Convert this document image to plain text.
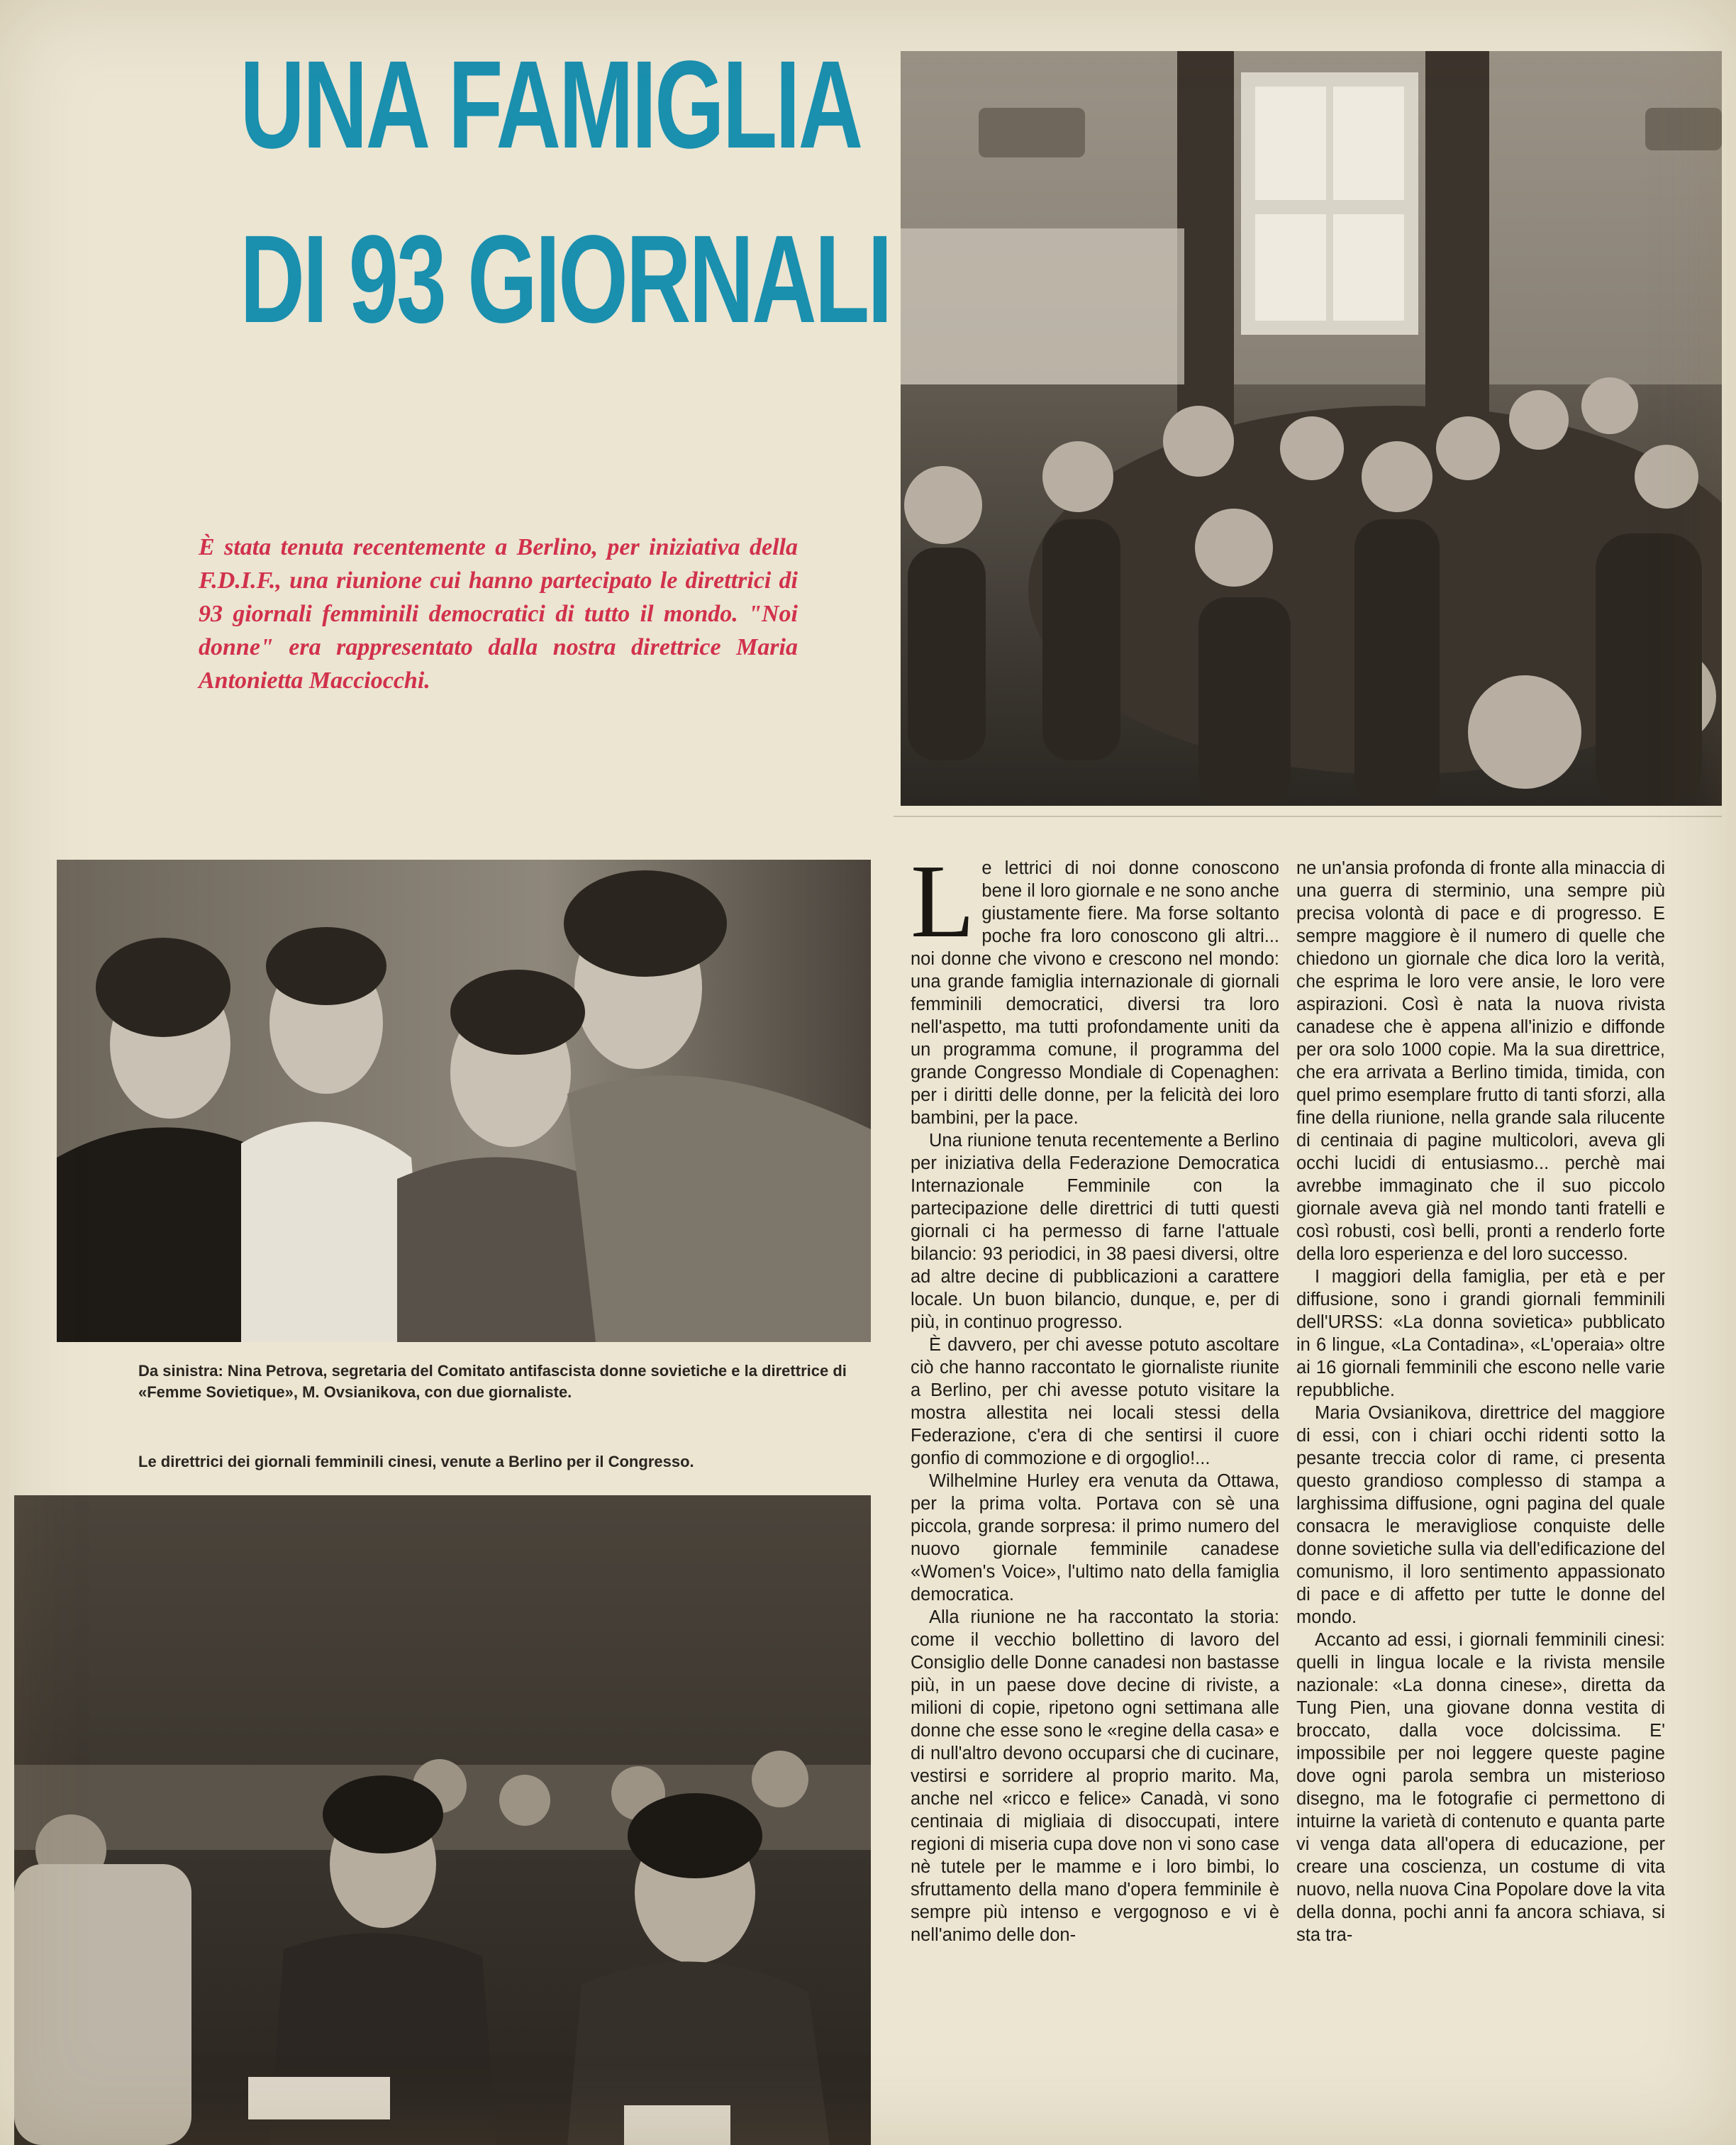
UNA FAMIGLIA
DI 93 GIORNALI

È stata tenuta recentemente a Berlino, per iniziativa della F.D.I.F., una riunione cui hanno partecipato le direttrici di 93 giornali femminili democratici di tutto il mondo. "Noi donne" era rappresentato dalla nostra direttrice Maria Antonietta Macciocchi.

Da sinistra: Nina Petrova, segretaria del Comitato antifascista donne sovietiche e la direttrice di «Femme Sovietique», M. Ovsianikova, con due giornaliste.

Le direttrici dei giornali femminili cinesi, venute a Berlino per il Congresso.

Le lettrici di noi donne conoscono bene il loro giornale e ne sono anche giustamente fiere. Ma forse soltanto poche fra loro conoscono gli altri... noi donne che vivono e crescono nel mondo: una grande famiglia internazionale di giornali femminili democratici, diversi tra loro nell'aspetto, ma tutti profondamente uniti da un programma comune, il programma del grande Congresso Mondiale di Copenaghen: per i diritti delle donne, per la felicità dei loro bambini, per la pace.

Una riunione tenuta recentemente a Berlino per iniziativa della Federazione Democratica Internazionale Femminile con la partecipazione delle direttrici di tutti questi giornali ci ha permesso di farne l'attuale bilancio: 93 periodici, in 38 paesi diversi, oltre ad altre decine di pubblicazioni a carattere locale. Un buon bilancio, dunque, e, per di più, in continuo progresso.

È davvero, per chi avesse potuto ascoltare ciò che hanno raccontato le giornaliste riunite a Berlino, per chi avesse potuto visitare la mostra allestita nei locali stessi della Federazione, c'era di che sentirsi il cuore gonfio di commozione e di orgoglio!...

Wilhelmine Hurley era venuta da Ottawa, per la prima volta. Portava con sè una piccola, grande sorpresa: il primo numero del nuovo giornale femminile canadese «Women's Voice», l'ultimo nato della famiglia democratica.

Alla riunione ne ha raccontato la storia: come il vecchio bollettino di lavoro del Consiglio delle Donne canadesi non bastasse più, in un paese dove decine di riviste, a milioni di copie, ripetono ogni settimana alle donne che esse sono le «regine della casa» e di null'altro devono occuparsi che di cucinare, vestirsi e sorridere al proprio marito. Ma, anche nel «ricco e felice» Canadà, vi sono centinaia di migliaia di disoccupati, intere regioni di miseria cupa dove non vi sono case nè tutele per le mamme e i loro bimbi, lo sfruttamento della mano d'opera femminile è sempre più intenso e vergognoso e vi è nell'animo delle don-

ne un'ansia profonda di fronte alla minaccia di una guerra di sterminio, una sempre più precisa volontà di pace e di progresso. E sempre maggiore è il numero di quelle che chiedono un giornale che dica loro la verità, che esprima le loro vere ansie, le loro vere aspirazioni. Così è nata la nuova rivista canadese che è appena all'inizio e diffonde per ora solo 1000 copie. Ma la sua direttrice, che era arrivata a Berlino timida, timida, con quel primo esemplare frutto di tanti sforzi, alla fine della riunione, nella grande sala rilucente di centinaia di pagine multicolori, aveva gli occhi lucidi di entusiasmo... perchè mai avrebbe immaginato che il suo piccolo giornale aveva già nel mondo tanti fratelli e così robusti, così belli, pronti a renderlo forte della loro esperienza e del loro successo.

I maggiori della famiglia, per età e per diffusione, sono i grandi giornali femminili dell'URSS: «La donna sovietica» pubblicato in 6 lingue, «La Contadina», «L'operaia» oltre ai 16 giornali femminili che escono nelle varie repubbliche.

Maria Ovsianikova, direttrice del maggiore di essi, con i chiari occhi ridenti sotto la pesante treccia color di rame, ci presenta questo grandioso complesso di stampa a larghissima diffusione, ogni pagina del quale consacra le meravigliose conquiste delle donne sovietiche sulla via dell'edificazione del comunismo, il loro sentimento appassionato di pace e di affetto per tutte le donne del mondo.

Accanto ad essi, i giornali femminili cinesi: quelli in lingua locale e la rivista mensile nazionale: «La donna cinese», diretta da Tung Pien, una giovane donna vestita di broccato, dalla voce dolcissima. E' impossibile per noi leggere queste pagine dove ogni parola sembra un misterioso disegno, ma le fotografie ci permettono di intuirne la varietà di contenuto e quanta parte vi venga data all'opera di educazione, per creare una coscienza, un costume di vita nuovo, nella nuova Cina Popolare dove la vita della donna, pochi anni fa ancora schiava, si sta tra-
